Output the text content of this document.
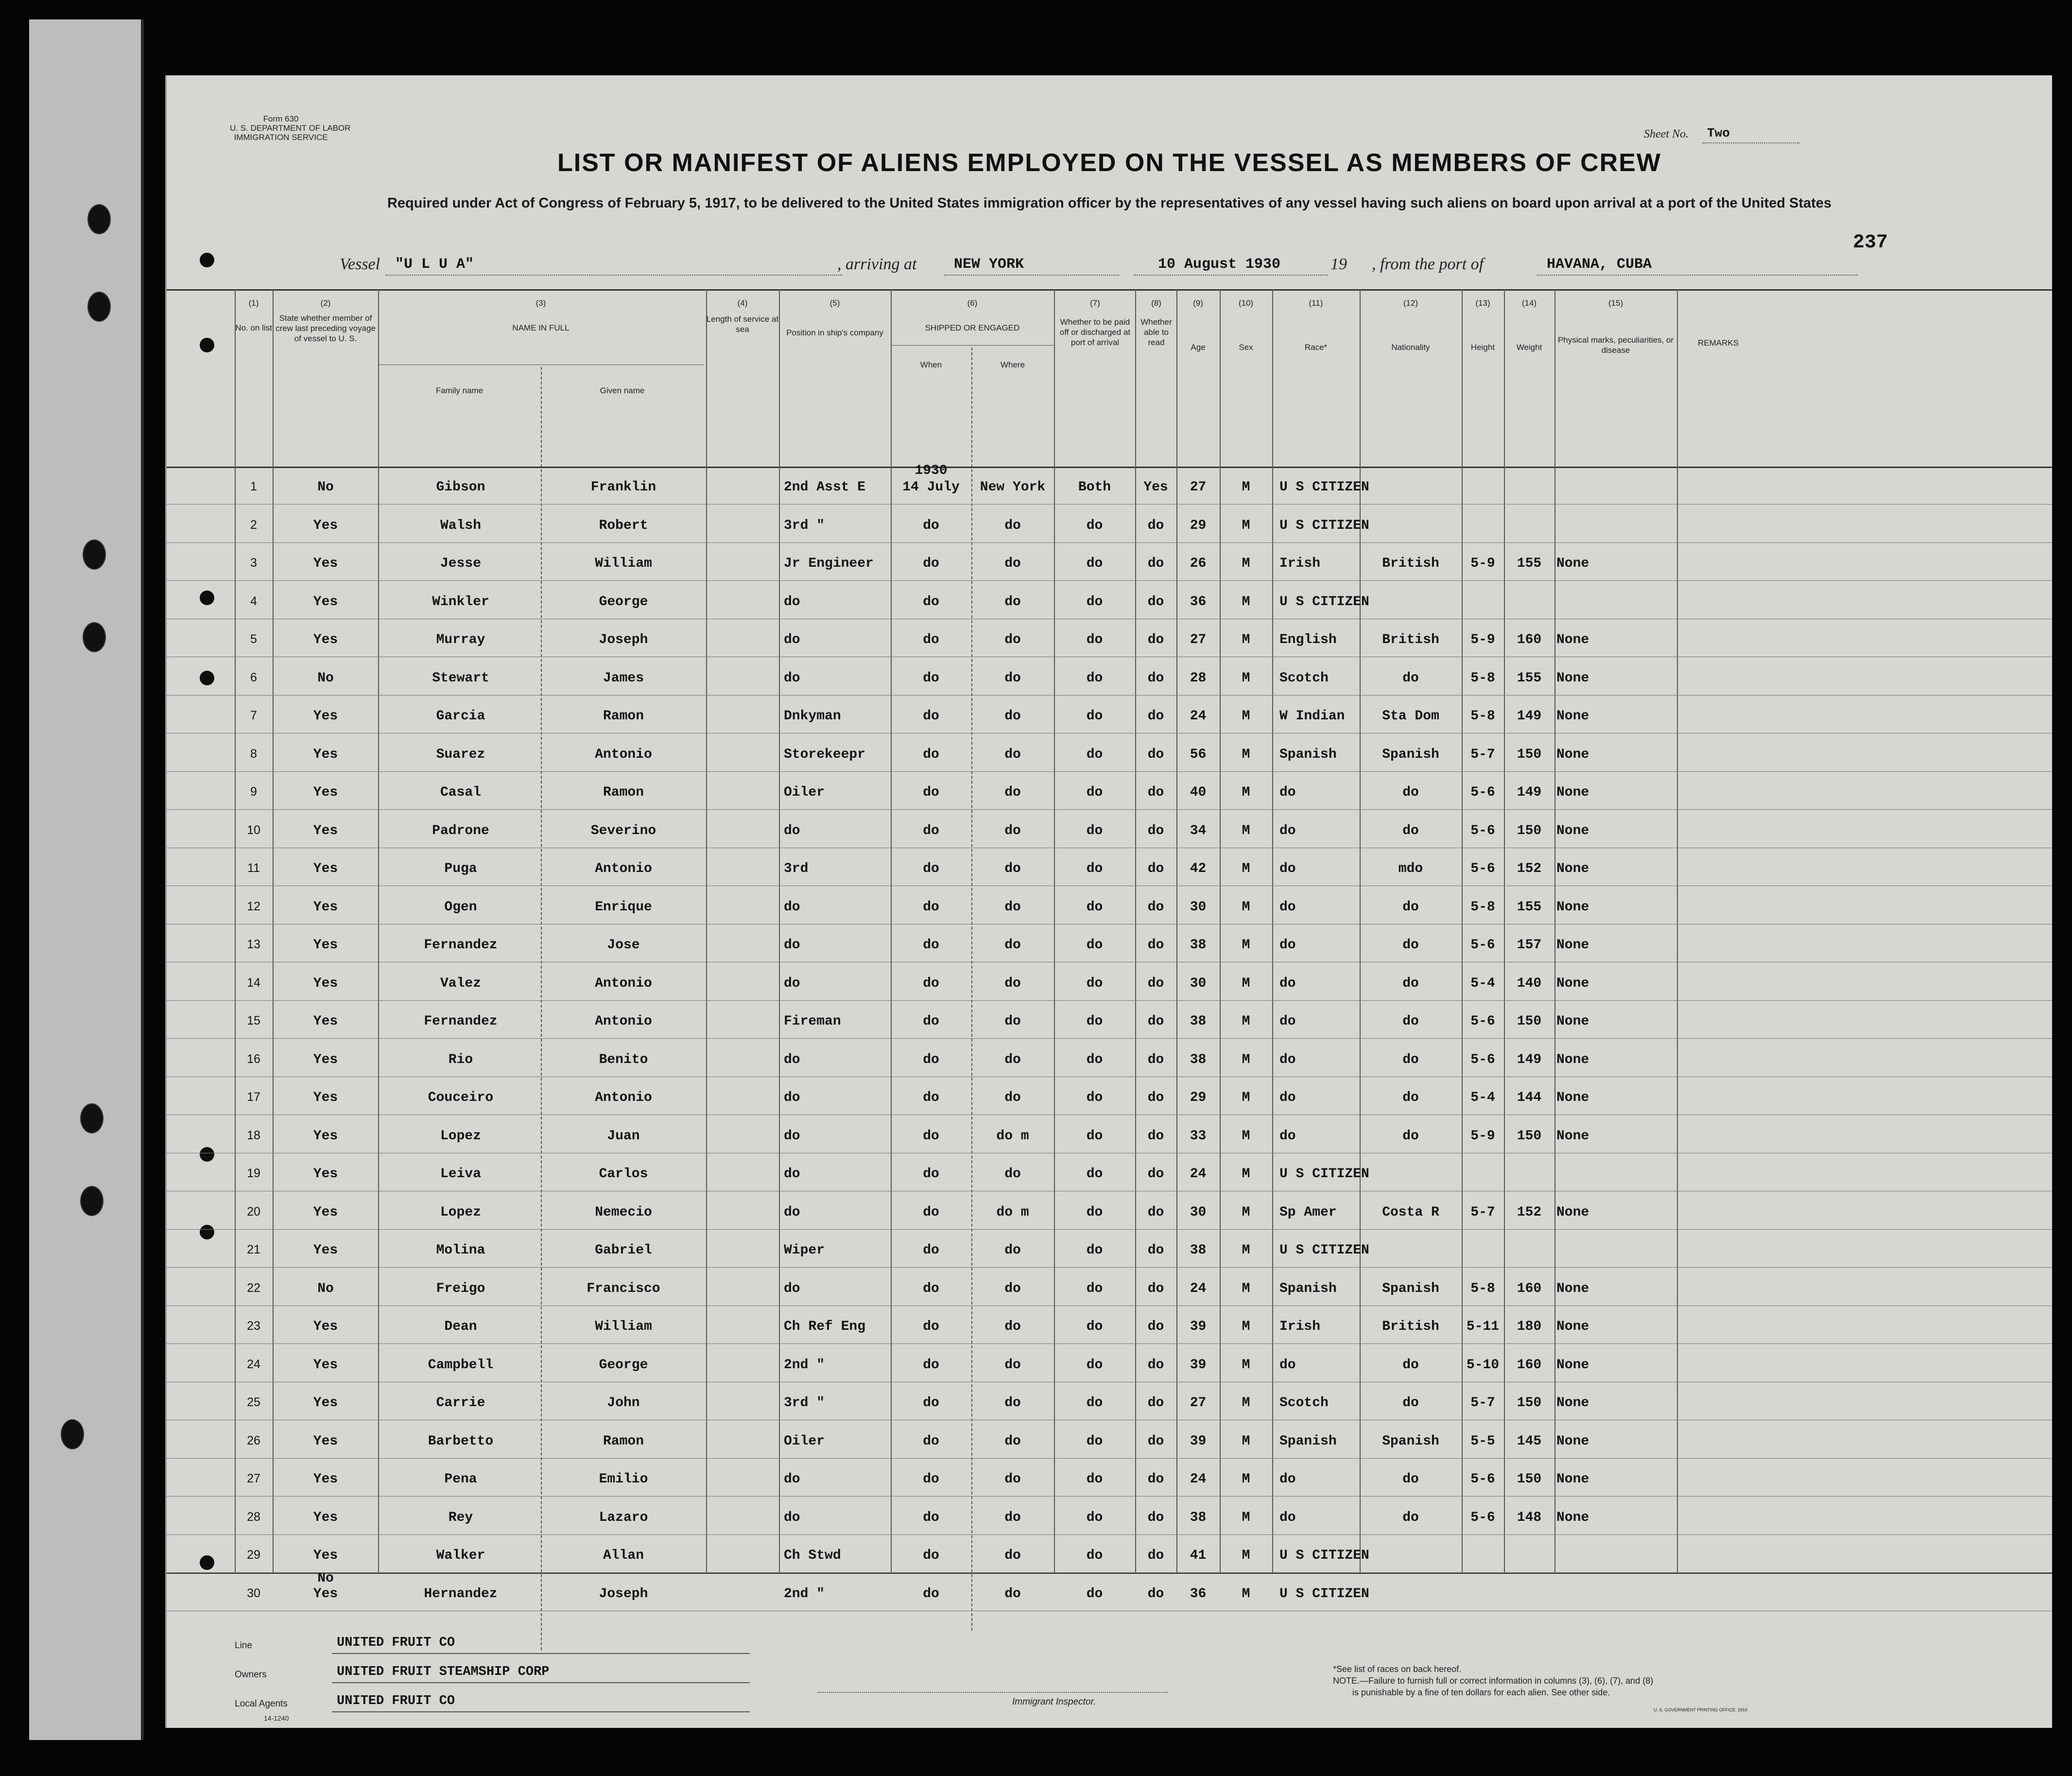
Form 630
U. S. DEPARTMENT OF LABOR
IMMIGRATION SERVICE	Sheet No. Two
LIST OR MANIFEST OF ALIENS EMPLOYED ON THE VESSEL AS MEMBERS OF CREW
Required under Act of Congress of February 5, 1917, to be delivered to the United States immigration officer by the representatives of any vessel having such aliens on board upon arrival at a port of the United States
237
Vessel "U L U A"	, arriving at	NEW YORK	10 August 1930	19 , from the port of	HAVANA, CUBA
(1)
No. on list
(2)
State whether member of crew last preceding voyage of vessel to U. S.
(3)
NAME IN FULL
Family name	Given name
(4)
Length of service at sea
(5)
Position in ship's company
(6)
SHIPPED OR ENGAGED
When	Where
(7)
Whether to be paid off or discharged at port of arrival
(8)
Whether able to read
(9)
Age
(10)
Sex
(11)
Race*
(12)
Nationality
(13)
Height
(14)
Weight
(15)
Physical marks, peculiarities, or disease
REMARKS
1	No	Gibson	Franklin	2nd Asst E	14 July	New York	Both	Yes	27	M	U S CITIZEN
1930
2	Yes	Walsh	Robert	3rd "	do	do	do	do	29	M	U S CITIZEN
3	Yes	Jesse	William	Jr Engineer	do	do	do	do	26	M	Irish	British	5-9	155	None
4	Yes	Winkler	George	do	do	do	do	do	36	M	U S CITIZEN
5	Yes	Murray	Joseph	do	do	do	do	do	27	M	English	British	5-9	160	None
6	No	Stewart	James	do	do	do	do	do	28	M	Scotch	do	5-8	155	None
7	Yes	Garcia	Ramon	Dnkyman	do	do	do	do	24	M	W Indian	Sta Dom	5-8	149	None
8	Yes	Suarez	Antonio	Storekeepr	do	do	do	do	56	M	Spanish	Spanish	5-7	150	None
9	Yes	Casal	Ramon	Oiler	do	do	do	do	40	M	do	do	5-6	149	None
10	Yes	Padrone	Severino	do	do	do	do	do	34	M	do	do	5-6	150	None
11	Yes	Puga	Antonio	3rd	do	do	do	do	42	M	do	mdo	5-6	152	None
12	Yes	Ogen	Enrique	do	do	do	do	do	30	M	do	do	5-8	155	None
13	Yes	Fernandez	Jose	do	do	do	do	do	38	M	do	do	5-6	157	None
14	Yes	Valez	Antonio	do	do	do	do	do	30	M	do	do	5-4	140	None
15	Yes	Fernandez	Antonio	Fireman	do	do	do	do	38	M	do	do	5-6	150	None
16	Yes	Rio	Benito	do	do	do	do	do	38	M	do	do	5-6	149	None
17	Yes	Couceiro	Antonio	do	do	do	do	do	29	M	do	do	5-4	144	None
18	Yes	Lopez	Juan	do	do	do m	do	do	33	M	do	do	5-9	150	None
19	Yes	Leiva	Carlos	do	do	do	do	do	24	M	U S CITIZEN
20	Yes	Lopez	Nemecio	do	do	do m	do	do	30	M	Sp Amer	Costa R	5-7	152	None
21	Yes	Molina	Gabriel	Wiper	do	do	do	do	38	M	U S CITIZEN
22	No	Freigo	Francisco	do	do	do	do	do	24	M	Spanish	Spanish	5-8	160	None
23	Yes	Dean	William	Ch Ref Eng	do	do	do	do	39	M	Irish	British	5-11	180	None
24	Yes	Campbell	George	2nd "	do	do	do	do	39	M	do	do	5-10	160	None
25	Yes	Carrie	John	3rd "	do	do	do	do	27	M	Scotch	do	5-7	150	None
26	Yes	Barbetto	Ramon	Oiler	do	do	do	do	39	M	Spanish	Spanish	5-5	145	None
27	Yes	Pena	Emilio	do	do	do	do	do	24	M	do	do	5-6	150	None
28	Yes	Rey	Lazaro	do	do	do	do	do	38	M	do	do	5-6	148	None
29	Yes	Walker	Allan	Ch Stwd	do	do	do	do	41	M	U S CITIZEN
30	Yes	Hernandez	Joseph	2nd "	do	do	do	do	36	M	U S CITIZEN
No
Line	UNITED FRUIT CO
Owners	UNITED FRUIT STEAMSHIP CORP
Local Agents	UNITED FRUIT CO
14-1240
Immigrant Inspector.
*See list of races on back hereof.
NOTE.—Failure to furnish full or correct information in columns (3), (6), (7), and (8)
is punishable by a fine of ten dollars for each alien. See other side.
U. S. GOVERNMENT PRINTING OFFICE: 1919
